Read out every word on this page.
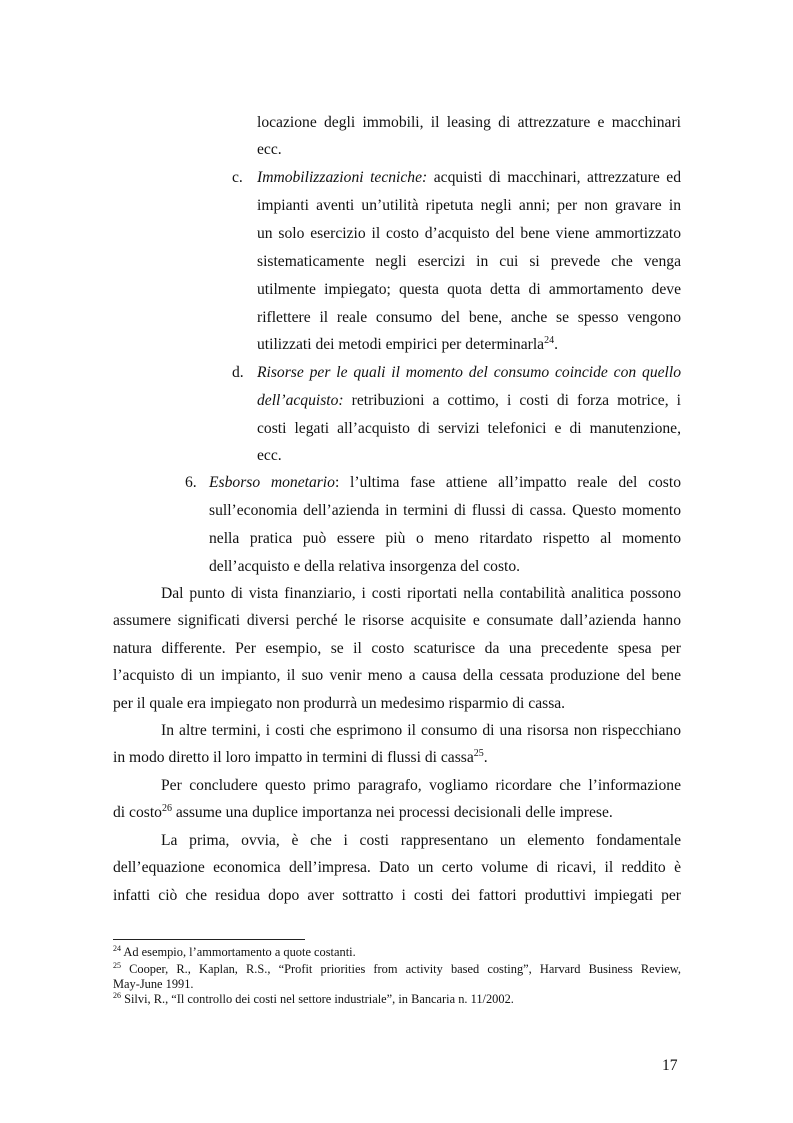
locazione degli immobili, il leasing di attrezzature e macchinari
ecc.
c. Immobilizzazioni tecniche: acquisti di macchinari, attrezzature ed
impianti aventi un’utilità ripetuta negli anni; per non gravare in
un solo esercizio il costo d’acquisto del bene viene ammortizzato
sistematicamente negli esercizi in cui si prevede che venga
utilmente impiegato; questa quota detta di ammortamento deve
riflettere il reale consumo del bene, anche se spesso vengono
utilizzati dei metodi empirici per determinarla$^{24}$.
d. Risorse per le quali il momento del consumo coincide con quello
dell’acquisto: retribuzioni a cottimo, i costi di forza motrice, i
costi legati all’acquisto di servizi telefonici e di manutenzione,
ecc.
6. Esborso monetario: l’ultima fase attiene all’impatto reale del costo
sull’economia dell’azienda in termini di flussi di cassa. Questo momento
nella pratica può essere più o meno ritardato rispetto al momento
dell’acquisto e della relativa insorgenza del costo.
Dal punto di vista finanziario, i costi riportati nella contabilità analitica possono
assumere significati diversi perché le risorse acquisite e consumate dall’azienda hanno
natura differente. Per esempio, se il costo scaturisce da una precedente spesa per
l’acquisto di un impianto, il suo venir meno a causa della cessata produzione del bene
per il quale era impiegato non produrrà un medesimo risparmio di cassa.
In altre termini, i costi che esprimono il consumo di una risorsa non rispecchiano
in modo diretto il loro impatto in termini di flussi di cassa$^{25}$.
Per concludere questo primo paragrafo, vogliamo ricordare che l’informazione
di costo$^{26}$ assume una duplice importanza nei processi decisionali delle imprese.
La prima, ovvia, è che i costi rappresentano un elemento fondamentale
dell’equazione economica dell’impresa. Dato un certo volume di ricavi, il reddito è
infatti ciò che residua dopo aver sottratto i costi dei fattori produttivi impiegati per
$^{24}$ Ad esempio, l’ammortamento a quote costanti.
$^{25}$ Cooper, R., Kaplan, R.S., “Profit priorities from activity based costing”, Harvard Business Review,
May-June 1991.
$^{26}$ Silvi, R., “Il controllo dei costi nel settore industriale”, in Bancaria n. 11/2002.
17
